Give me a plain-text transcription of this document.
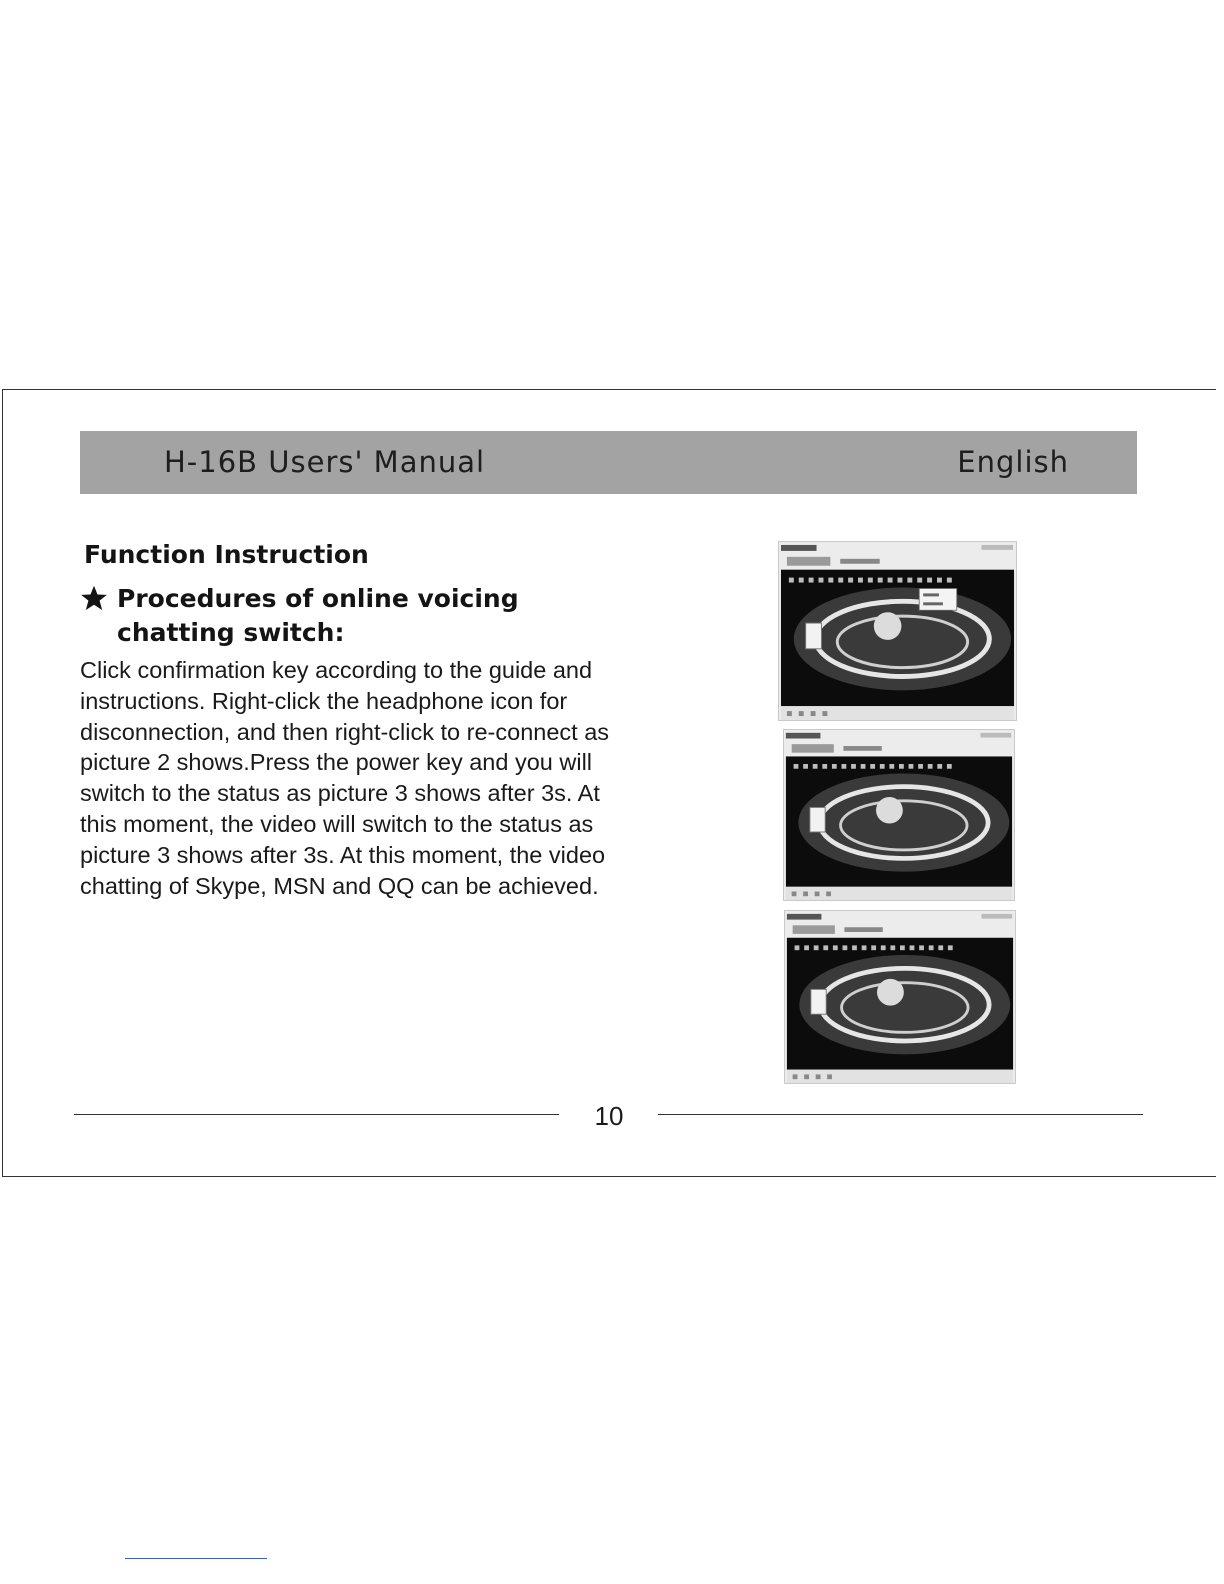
H-16B Users' Manual	English
Function Instruction
Procedures of online voicing chatting switch:

Click confirmation key according to the guide and instructions. Right-click the headphone icon for disconnection, and then right-click to re-connect as picture 2 shows.Press the power key and you will switch to the status as picture 3 shows after 3s. At this moment, the video will switch to the status as picture 3 shows after 3s. At this moment, the video chatting of Skype, MSN and QQ can be achieved.

10
